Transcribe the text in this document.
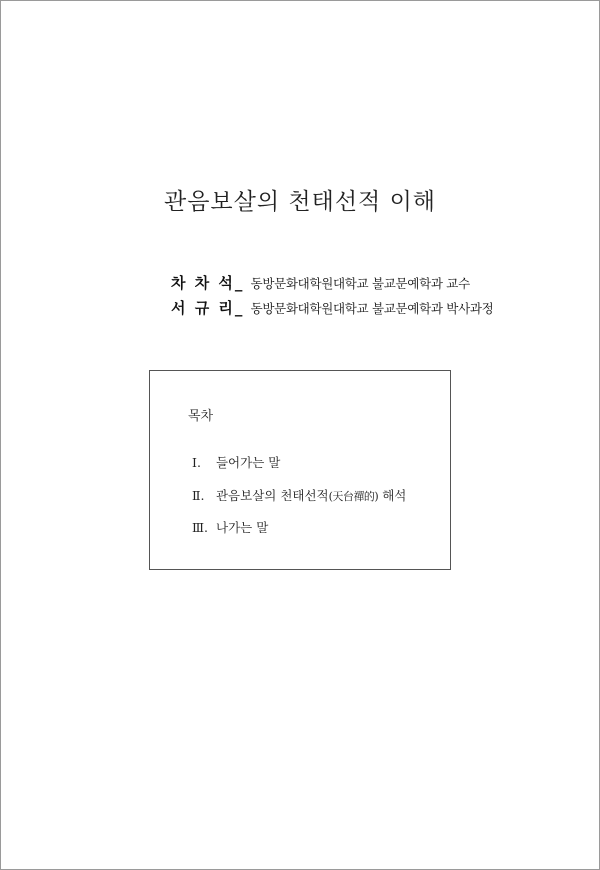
관음보살의 천태선적 이해
차 차 석_ 동방문화대학원대학교 불교문예학과 교수
서 규 리_ 동방문화대학원대학교 불교문예학과 박사과정
목차
Ⅰ. 들어가는 말
Ⅱ. 관음보살의 천태선적(天台禪的) 해석
Ⅲ. 나가는 말
